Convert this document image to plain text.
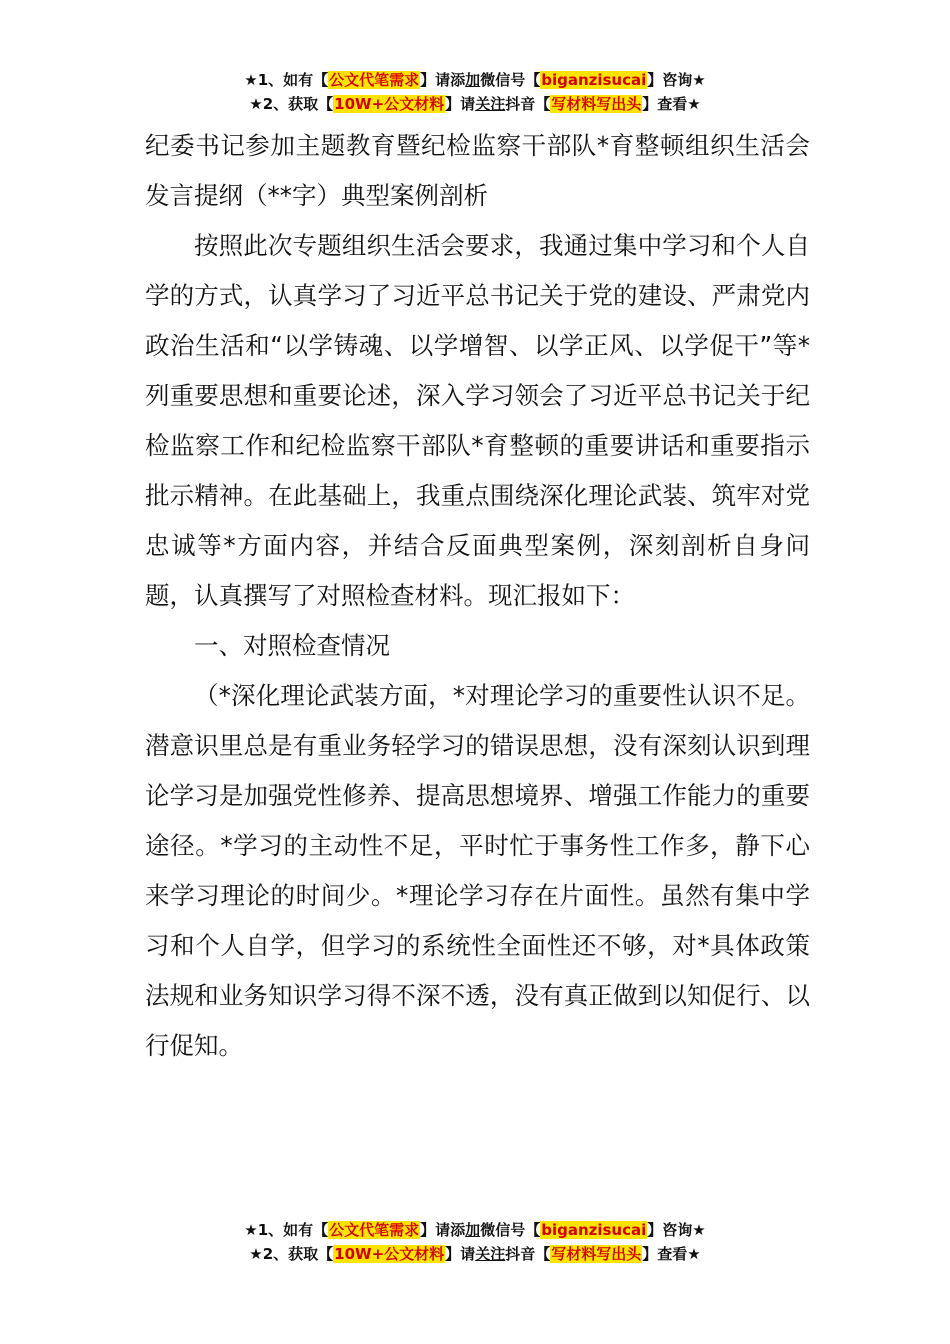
★1、如有【公文代笔需求】请添加微信号【biganzisucai】咨询★
★2、获取【10W+公文材料】请关注抖音【写材料写出头】查看★

纪委书记参加主题教育暨纪检监察干部队*育整顿组织生活会发言提纲（**字）典型案例剖析

按照此次专题组织生活会要求，我通过集中学习和个人自学的方式，认真学习了习近平总书记关于党的建设、严肃党内政治生活和“以学铸魂、以学增智、以学正风、以学促干”等*列重要思想和重要论述，深入学习领会了习近平总书记关于纪检监察工作和纪检监察干部队*育整顿的重要讲话和重要指示批示精神。在此基础上，我重点围绕深化理论武装、筑牢对党忠诚等*方面内容，并结合反面典型案例，深刻剖析自身问题，认真撰写了对照检查材料。现汇报如下：

一、对照检查情况

（*深化理论武装方面，*对理论学习的重要性认识不足。潜意识里总是有重业务轻学习的错误思想，没有深刻认识到理论学习是加强党性修养、提高思想境界、增强工作能力的重要途径。*学习的主动性不足，平时忙于事务性工作多，静下心来学习理论的时间少。*理论学习存在片面性。虽然有集中学习和个人自学，但学习的系统性全面性还不够，对*具体政策法规和业务知识学习得不深不透，没有真正做到以知促行、以行促知。

★1、如有【公文代笔需求】请添加微信号【biganzisucai】咨询★
★2、获取【10W+公文材料】请关注抖音【写材料写出头】查看★
